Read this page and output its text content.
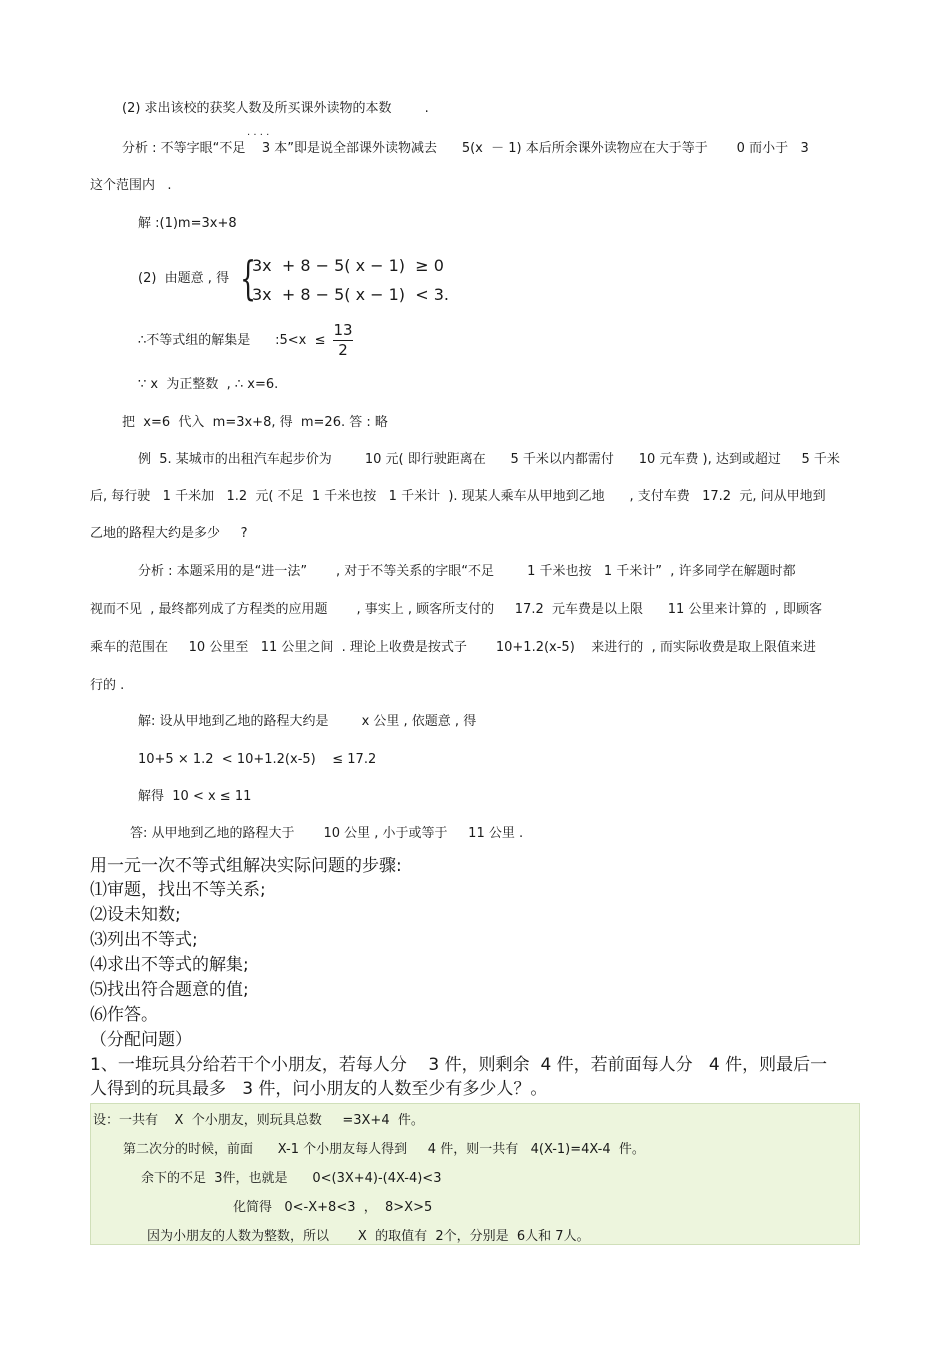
(2) 求出该校的获奖人数及所买课外读物的本数        .
· · · ·
分析 : 不等字眼“不足    3 本”即是说全部课外读物减去      5(x  － 1) 本后所余课外读物应在大于等于       0 而小于   3
这个范围内   .
解 :(1)m=3x+8
(2)  由题意 , 得 {
3x  + 8 − 5( x − 1)  ≥ 0
3x  + 8 − 5( x − 1)  < 3.
∴不等式组的解集是      :5<x  ≤
13
2
∵ x  为正整数  , ∴ x=6.
把  x=6  代入  m=3x+8, 得  m=26. 答 : 略
例  5. 某城市的出租汽车起步价为        10 元( 即行驶距离在      5 千米以内都需付      10 元车费 ), 达到或超过     5 千米
后, 每行驶   1 千米加   1.2  元( 不足  1 千米也按   1 千米计  ). 现某人乘车从甲地到乙地      , 支付车费   17.2  元, 问从甲地到
乙地的路程大约是多少     ?
分析 : 本题采用的是“进一法”       , 对于不等关系的字眼“不足        1 千米也按   1 千米计”  , 许多同学在解题时都
视而不见  , 最终都列成了方程类的应用题       , 事实上 , 顾客所支付的     17.2  元车费是以上限      11 公里来计算的  , 即顾客
乘车的范围在     10 公里至   11 公里之间  . 理论上收费是按式子       10+1.2(x-5)    来进行的  , 而实际收费是取上限值来进
行的 .
解: 设从甲地到乙地的路程大约是        x 公里 , 依题意 , 得
10+5 × 1.2  < 10+1.2(x-5)    ≤ 17.2
解得  10 < x ≤ 11
答: 从甲地到乙地的路程大于       10 公里 , 小于或等于     11 公里 .
用一元一次不等式组解决实际问题的步骤:
⑴审题，找出不等关系;
⑵设未知数;
⑶列出不等式;
⑷求出不等式的解集;
⑸找出符合题意的值;
⑹作答。
（分配问题）
1、一堆玩具分给若干个小朋友，若每人分    3 件，则剩余  4 件，若前面每人分   4 件，则最后一
人得到的玩具最多   3 件，问小朋友的人数至少有多少人？。
设：一共有    X  个小朋友，则玩具总数     =3X+4  件。
第二次分的时候，前面      X-1 个小朋友每人得到     4 件，则一共有   4(X-1)=4X-4  件。
余下的不足  3件，也就是      0<(3X+4)-(4X-4)<3
化简得   0<-X+8<3  ，  8>X>5
因为小朋友的人数为整数，所以       X  的取值有  2个，分别是  6人和 7人。
